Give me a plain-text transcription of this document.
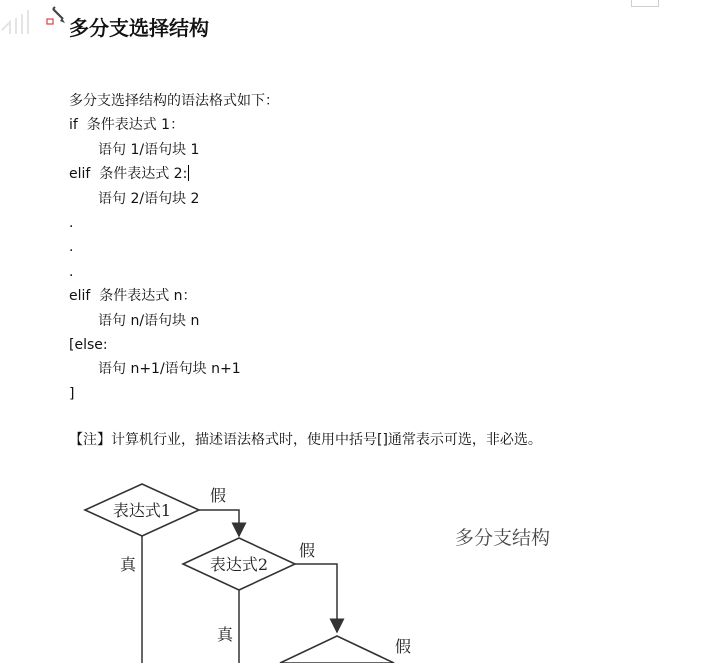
多分支选择结构
多分支选择结构的语法格式如下：
if  条件表达式 1：
语句 1/语句块 1
elif  条件表达式 2:
语句 2/语句块 2
.
.
.
elif  条件表达式 n：
语句 n/语句块 n
[else:
语句 n+1/语句块 n+1
]
【注】计算机行业，描述语法格式时，使用中括号[]通常表示可选，非必选。
表达式1
假
真	表达式2
假
真
假
多分支结构
